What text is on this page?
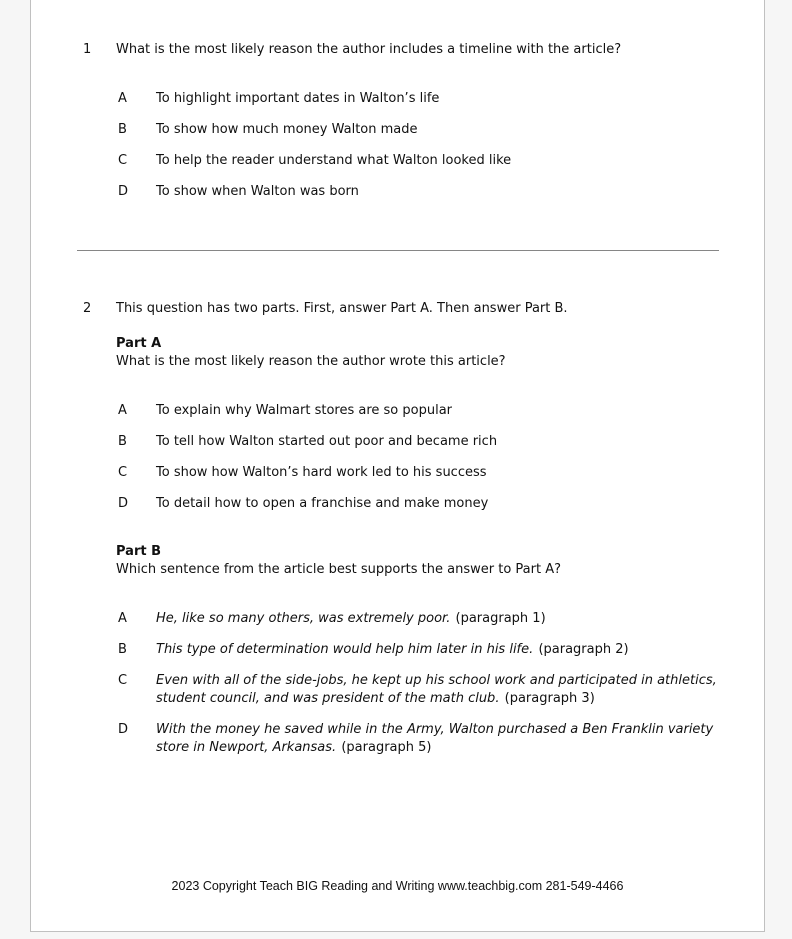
1	What is the most likely reason the author includes a timeline with the article?
A	To highlight important dates in Walton’s life
B	To show how much money Walton made
C	To help the reader understand what Walton looked like
D	To show when Walton was born
2	This question has two parts. First, answer Part A. Then answer Part B.
Part A
What is the most likely reason the author wrote this article?
A	To explain why Walmart stores are so popular
B	To tell how Walton started out poor and became rich
C	To show how Walton’s hard work led to his success
D	To detail how to open a franchise and make money
Part B
Which sentence from the article best supports the answer to Part A?
A	He, like so many others, was extremely poor. (paragraph 1)
B	This type of determination would help him later in his life. (paragraph 2)
C	Even with all of the side-jobs, he kept up his school work and participated in athletics, student council, and was president of the math club. (paragraph 3)
D	With the money he saved while in the Army, Walton purchased a Ben Franklin variety store in Newport, Arkansas. (paragraph 5)
2023 Copyright Teach BIG Reading and Writing www.teachbig.com 281-549-4466
